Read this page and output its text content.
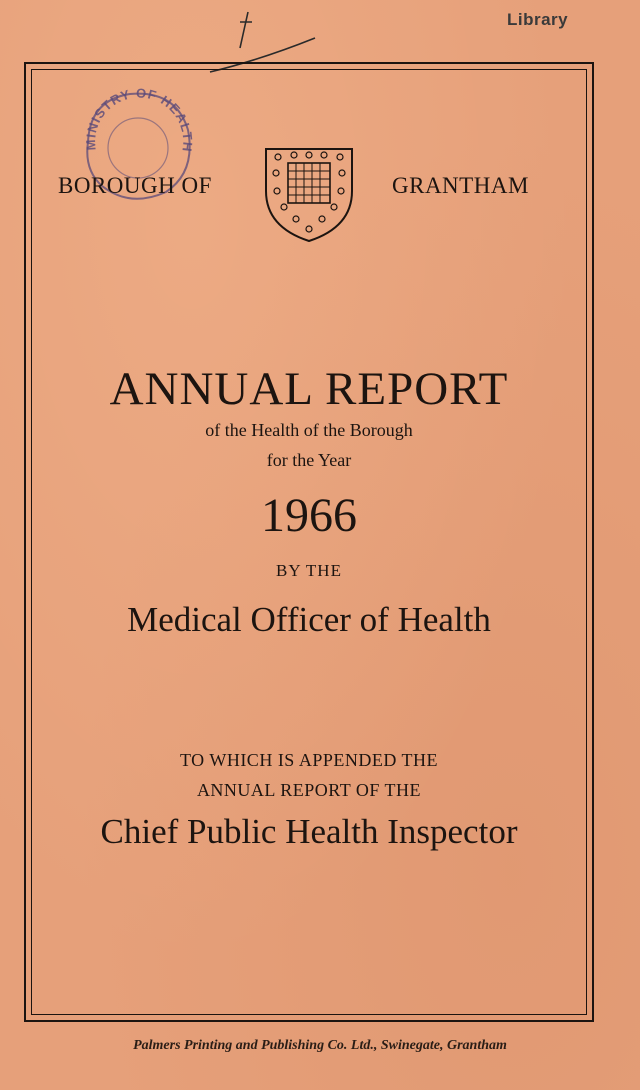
Library
MINISTRY OF HEALTH
BOROUGH OF	GRANTHAM
ANNUAL REPORT
of the Health of the Borough
for the Year
1966
BY THE
Medical Officer of Health
TO WHICH IS APPENDED THE
ANNUAL REPORT OF THE
Chief Public Health Inspector
Palmers Printing and Publishing Co. Ltd., Swinegate, Grantham
